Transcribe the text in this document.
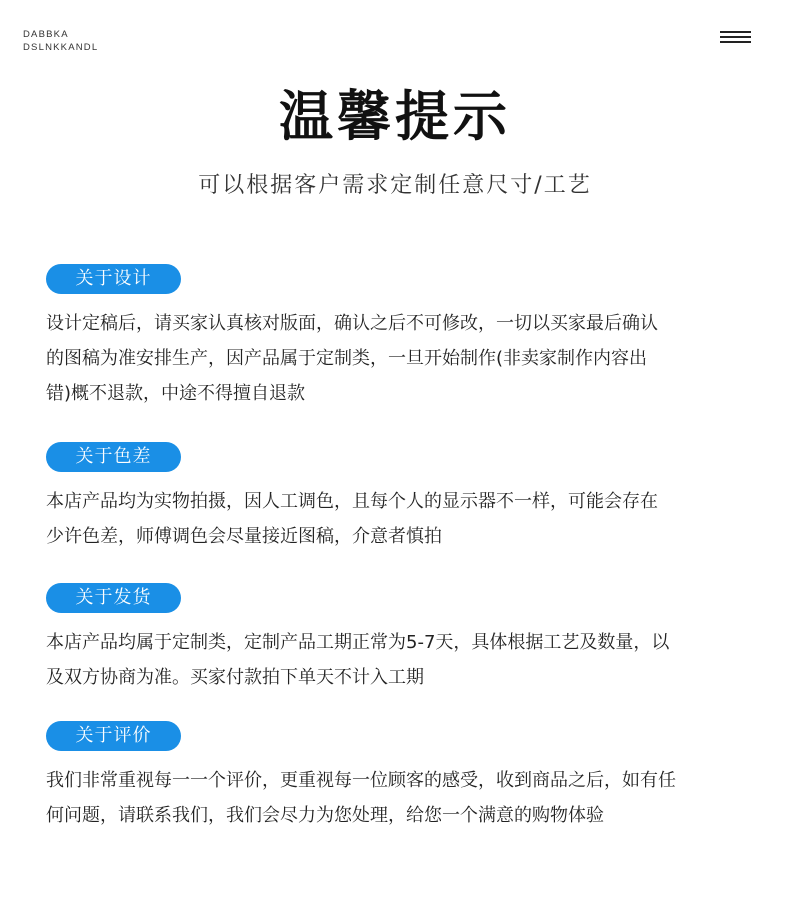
DABBKA
DSLNKKANDL
温馨提示
可以根据客户需求定制任意尺寸/工艺
关于设计
设计定稿后，请买家认真核对版面，确认之后不可修改，一切以买家最后确认
的图稿为准安排生产，因产品属于定制类，一旦开始制作(非卖家制作内容出
错)概不退款，中途不得擅自退款
关于色差
本店产品均为实物拍摄，因人工调色，且每个人的显示器不一样，可能会存在
少许色差，师傅调色会尽量接近图稿，介意者慎拍
关于发货
本店产品均属于定制类，定制产品工期正常为5-7天，具体根据工艺及数量，以
及双方协商为准。买家付款拍下单天不计入工期
关于评价
我们非常重视每一一个评价，更重视每一位顾客的感受，收到商品之后，如有任
何问题，请联系我们，我们会尽力为您处理，给您一个满意的购物体验
